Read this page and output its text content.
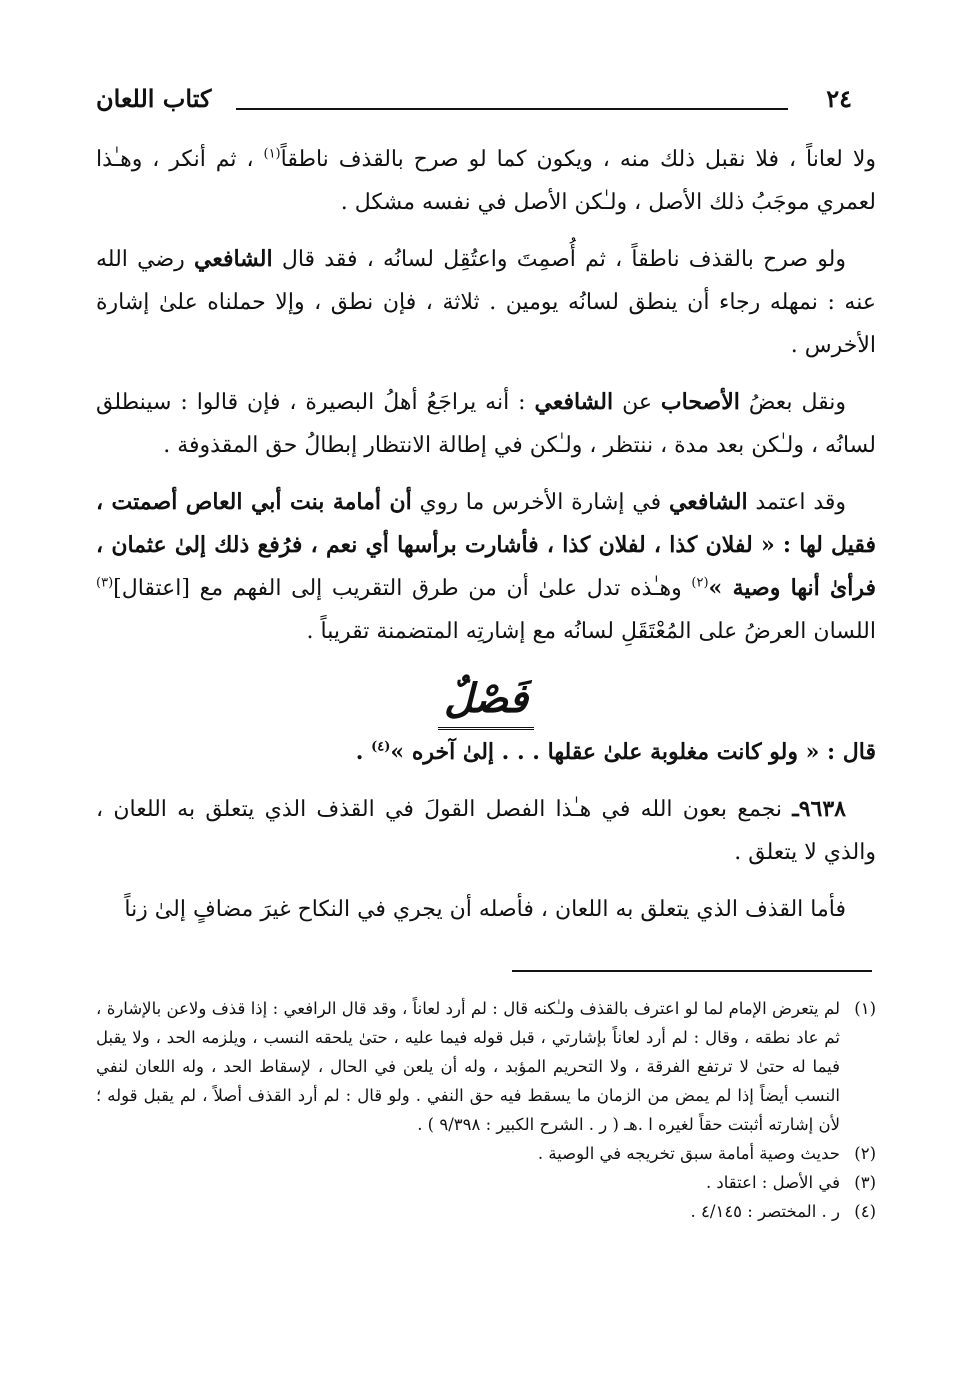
٢٤
كتاب اللعان

ولا لعاناً ، فلا نقبل ذلك منه ، ويكون كما لو صرح بالقذف ناطقاً$^{(١)}$ ، ثم أنكر ، وهـٰذا لعمري موجَبُ ذلك الأصل ، ولـٰكن الأصل في نفسه مشكل .

ولو صرح بالقذف ناطقاً ، ثم أُصمِتَ واعتُقِل لسانُه ، فقد قال الشافعي رضي الله عنه : نمهله رجاء أن ينطق لسانُه يومين . ثلاثة ، فإن نطق ، وإلا حملناه علىٰ إشارة الأخرس .

ونقل بعضُ الأصحاب عن الشافعي : أنه يراجَعُ أهلُ البصيرة ، فإن قالوا : سينطلق لسانُه ، ولـٰكن بعد مدة ، ننتظر ، ولـٰكن في إطالة الانتظار إبطالُ حق المقذوفة .

وقد اعتمد الشافعي في إشارة الأخرس ما روي أن أمامة بنت أبي العاص أصمتت ، فقيل لها : « لفلان كذا ، لفلان كذا ، فأشارت برأسها أي نعم ، فرُفع ذلك إلىٰ عثمان ، فرأىٰ أنها وصية »$^{(٢)}$ وهـٰذه تدل علىٰ أن من طرق التقريب إلى الفهم مع [اعتقال]$^{(٣)}$ اللسان العرضُ على المُعْتَقَلِ لسانُه مع إشارتِه المتضمنة تقريباً .

فَصْلٌ

قال : « ولو كانت مغلوبة علىٰ عقلها . . . إلىٰ آخره »$^{(٤)}$ .

٩٦٣٨ـ نجمع بعون الله في هـٰذا الفصل القولَ في القذف الذي يتعلق به اللعان ، والذي لا يتعلق .

فأما القذف الذي يتعلق به اللعان ، فأصله أن يجري في النكاح غيرَ مضافٍ إلىٰ زناً

(١)
لم يتعرض الإمام لما لو اعترف بالقذف ولـٰكنه قال : لم أرد لعاناً ، وقد قال الرافعي : إذا قذف ولاعن بالإشارة ، ثم عاد نطقه ، وقال : لم أرد لعاناً بإشارتي ، قبل قوله فيما عليه ، حتىٰ يلحقه النسب ، ويلزمه الحد ، ولا يقبل فيما له حتىٰ لا ترتفع الفرقة ، ولا التحريم المؤبد ، وله أن يلعن في الحال ، لإسقاط الحد ، وله اللعان لنفي النسب أيضاً إذا لم يمض من الزمان ما يسقط فيه حق النفي . ولو قال : لم أرد القذف أصلاً ، لم يقبل قوله ؛ لأن إشارته أثبتت حقاً لغيره ا .هـ ( ر . الشرح الكبير : ٩/٣٩٨ ) .
(٢)
حديث وصية أمامة سبق تخريجه في الوصية .
(٣)
في الأصل : اعتقاد .
(٤)
ر . المختصر : ٤/١٤٥ .
